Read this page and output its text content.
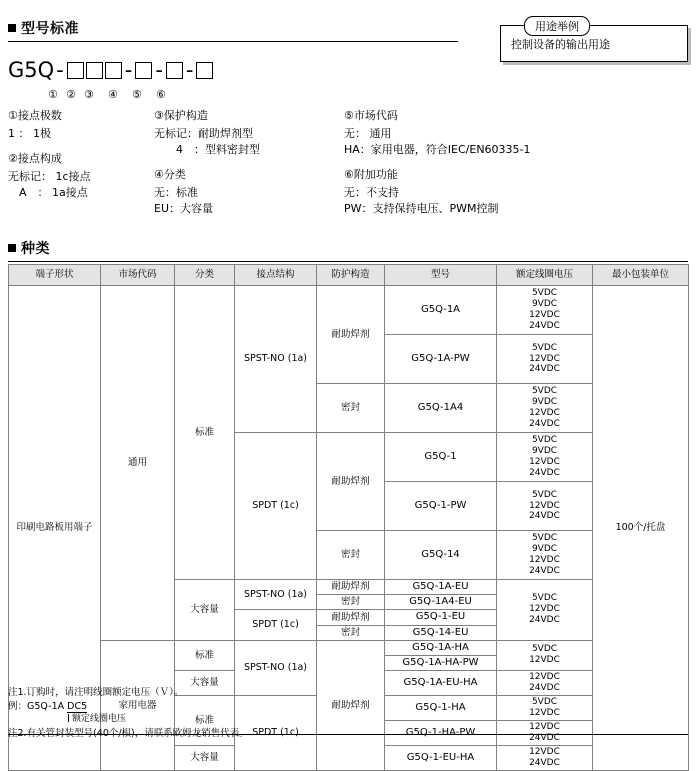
用途举例
控制设备的输出用途
型号标准
G5Q -	- - -
① ② ③ ④ ⑤ ⑥
①接点极数
1 ： 1极
②接点构成
无标记： 1c接点
　A　： 1a接点
③保护构造
无标记：耐助焊剂型
　　4　：型料密封型
④分类
无：标准
EU：大容量
⑤市场代码
无： 通用
HA：家用电器，符合IEC/EN60335-1
⑥附加功能
无：不支持
PW：支持保持电压、PWM控制
种类
端子形状	市场代码	分类	接点结构	防护构造	型号	额定线圈电压	最小包装单位
印刷电路板用端子	通用	标准	SPST-NO (1a)	耐助焊剂	G5Q-1A	5VDC
9VDC
12VDC
24VDC	100个/托盘
					G5Q-1A-PW	5VDC
12VDC
24VDC	
				密封	G5Q-1A4	5VDC
9VDC
12VDC
24VDC	
			SPDT (1c)	耐助焊剂	G5Q-1	5VDC
9VDC
12VDC
24VDC	
					G5Q-1-PW	5VDC
12VDC
24VDC	
				密封	G5Q-14	5VDC
9VDC
12VDC
24VDC	
		大容量	SPST-NO (1a)	耐助焊剂	G5Q-1A-EU	5VDC
12VDC
24VDC	
				密封	G5Q-1A4-EU		
			SPDT (1c)	耐助焊剂	G5Q-1-EU		
				密封	G5Q-14-EU		
	家用电器	标准	SPST-NO (1a)	耐助焊剂	G5Q-1A-HA	5VDC
12VDC	
					G5Q-1A-HA-PW		
		大容量			G5Q-1A-EU-HA	12VDC
24VDC	
		标准	SPDT (1c)		G5Q-1-HA	5VDC
12VDC	
					G5Q-1-HA-PW	12VDC
24VDC	
		大容量			G5Q-1-EU-HA	12VDC
24VDC	
注1.订购时，请注明线圈额定电压（Ｖ）。
例：G5Q-1A DC5
额定线圈电压
注2.有关管封装型号(40个/根)，请联系欧姆龙销售代表。
